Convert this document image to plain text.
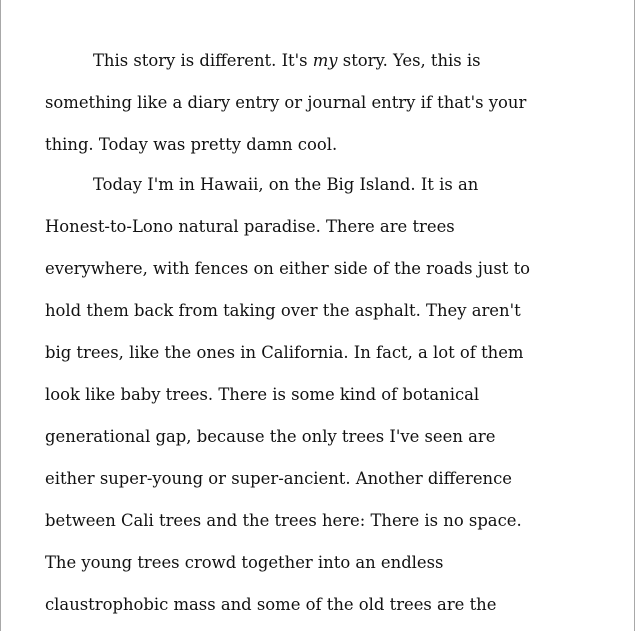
This story is different. It's my story. Yes, this is
something like a diary entry or journal entry if that's your
thing. Today was pretty damn cool.
Today I'm in Hawaii, on the Big Island. It is an
Honest-to-Lono natural paradise. There are trees
everywhere, with fences on either side of the roads just to
hold them back from taking over the asphalt. They aren't
big trees, like the ones in California. In fact, a lot of them
look like baby trees. There is some kind of botanical
generational gap, because the only trees I've seen are
either super-young or super-ancient. Another difference
between Cali trees and the trees here: There is no space.
The young trees crowd together into an endless
claustrophobic mass and some of the old trees are the
